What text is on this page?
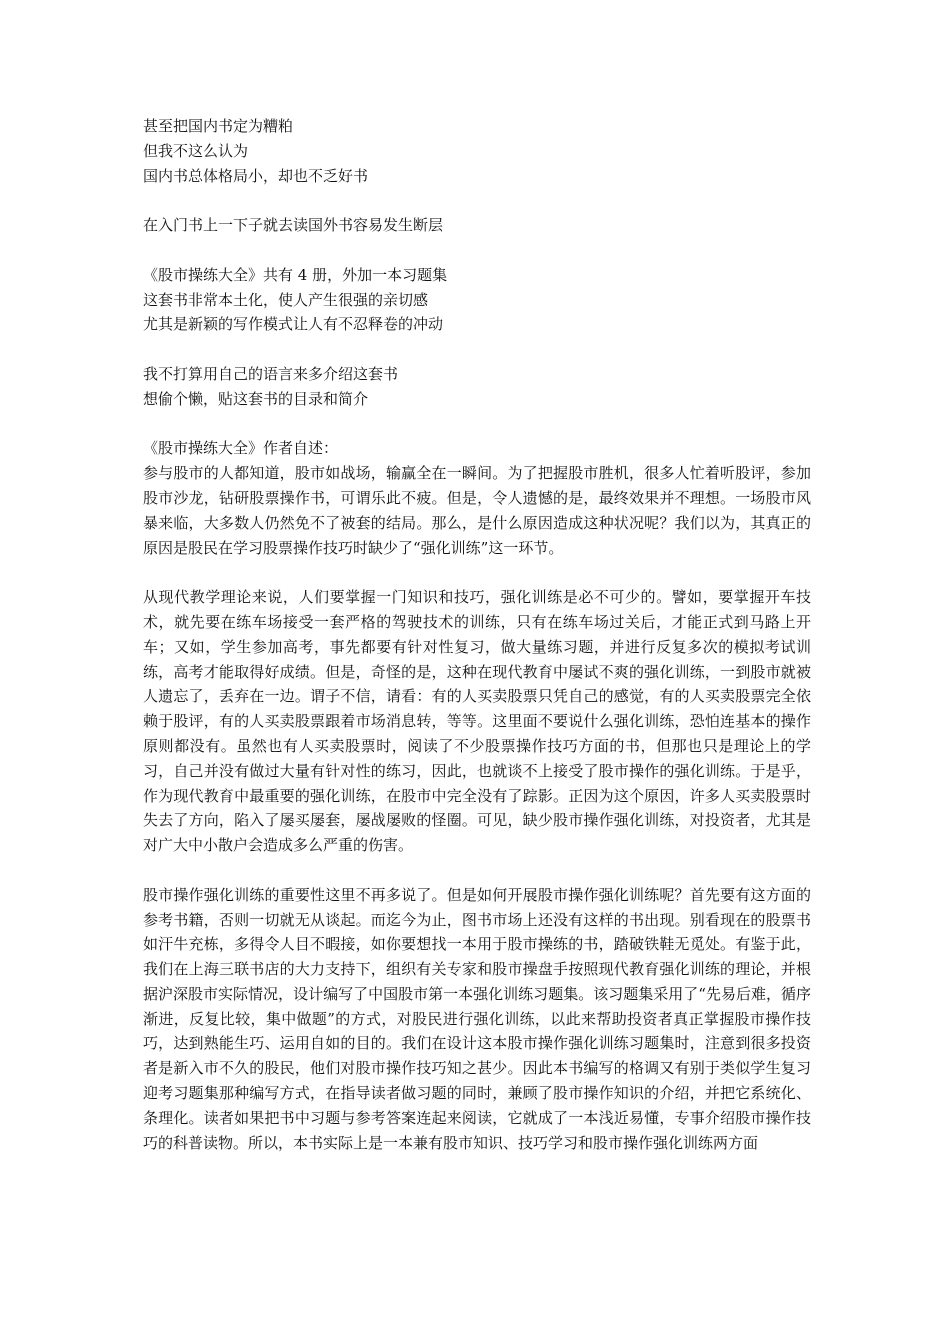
甚至把国内书定为糟粕

但我不这么认为

国内书总体格局小，却也不乏好书

在入门书上一下子就去读国外书容易发生断层

《股市操练大全》共有 4 册，外加一本习题集

这套书非常本土化，使人产生很强的亲切感

尤其是新颖的写作模式让人有不忍释卷的冲动

我不打算用自己的语言来多介绍这套书

想偷个懒，贴这套书的目录和简介

《股市操练大全》作者自述：

参与股市的人都知道，股市如战场，输赢全在一瞬间。为了把握股市胜机，很多人忙着听股评，参加股市沙龙，钻研股票操作书，可谓乐此不疲。但是，令人遗憾的是，最终效果并不理想。一场股市风暴来临，大多数人仍然免不了被套的结局。那么，是什么原因造成这种状况呢？我们以为，其真正的原因是股民在学习股票操作技巧时缺少了“强化训练”这一环节。

从现代教学理论来说，人们要掌握一门知识和技巧，强化训练是必不可少的。譬如，要掌握开车技术，就先要在练车场接受一套严格的驾驶技术的训练，只有在练车场过关后，才能正式到马路上开车；又如，学生参加高考，事先都要有针对性复习，做大量练习题，并进行反复多次的模拟考试训练，高考才能取得好成绩。但是，奇怪的是，这种在现代教育中屡试不爽的强化训练，一到股市就被人遗忘了，丢弃在一边。谓子不信，请看：有的人买卖股票只凭自己的感觉，有的人买卖股票完全依赖于股评，有的人买卖股票跟着市场消息转，等等。这里面不要说什么强化训练，恐怕连基本的操作原则都没有。虽然也有人买卖股票时，阅读了不少股票操作技巧方面的书，但那也只是理论上的学习，自己并没有做过大量有针对性的练习，因此，也就谈不上接受了股市操作的强化训练。于是乎，作为现代教育中最重要的强化训练，在股市中完全没有了踪影。正因为这个原因，许多人买卖股票时失去了方向，陷入了屡买屡套，屡战屡败的怪圈。可见，缺少股市操作强化训练，对投资者，尤其是对广大中小散户会造成多么严重的伤害。

股市操作强化训练的重要性这里不再多说了。但是如何开展股市操作强化训练呢？首先要有这方面的参考书籍，否则一切就无从谈起。而迄今为止，图书市场上还没有这样的书出现。别看现在的股票书如汗牛充栋，多得令人目不暇接，如你要想找一本用于股市操练的书，踏破铁鞋无觅处。有鉴于此，我们在上海三联书店的大力支持下，组织有关专家和股市操盘手按照现代教育强化训练的理论，并根据沪深股市实际情况，设计编写了中国股市第一本强化训练习题集。该习题集采用了“先易后难，循序渐进，反复比较，集中做题”的方式，对股民进行强化训练，以此来帮助投资者真正掌握股市操作技巧，达到熟能生巧、运用自如的目的。我们在设计这本股市操作强化训练习题集时，注意到很多投资者是新入市不久的股民，他们对股市操作技巧知之甚少。因此本书编写的格调又有别于类似学生复习迎考习题集那种编写方式，在指导读者做习题的同时，兼顾了股市操作知识的介绍，并把它系统化、条理化。读者如果把书中习题与参考答案连起来阅读，它就成了一本浅近易懂，专事介绍股市操作技巧的科普读物。所以，本书实际上是一本兼有股市知识、技巧学习和股市操作强化训练两方面
